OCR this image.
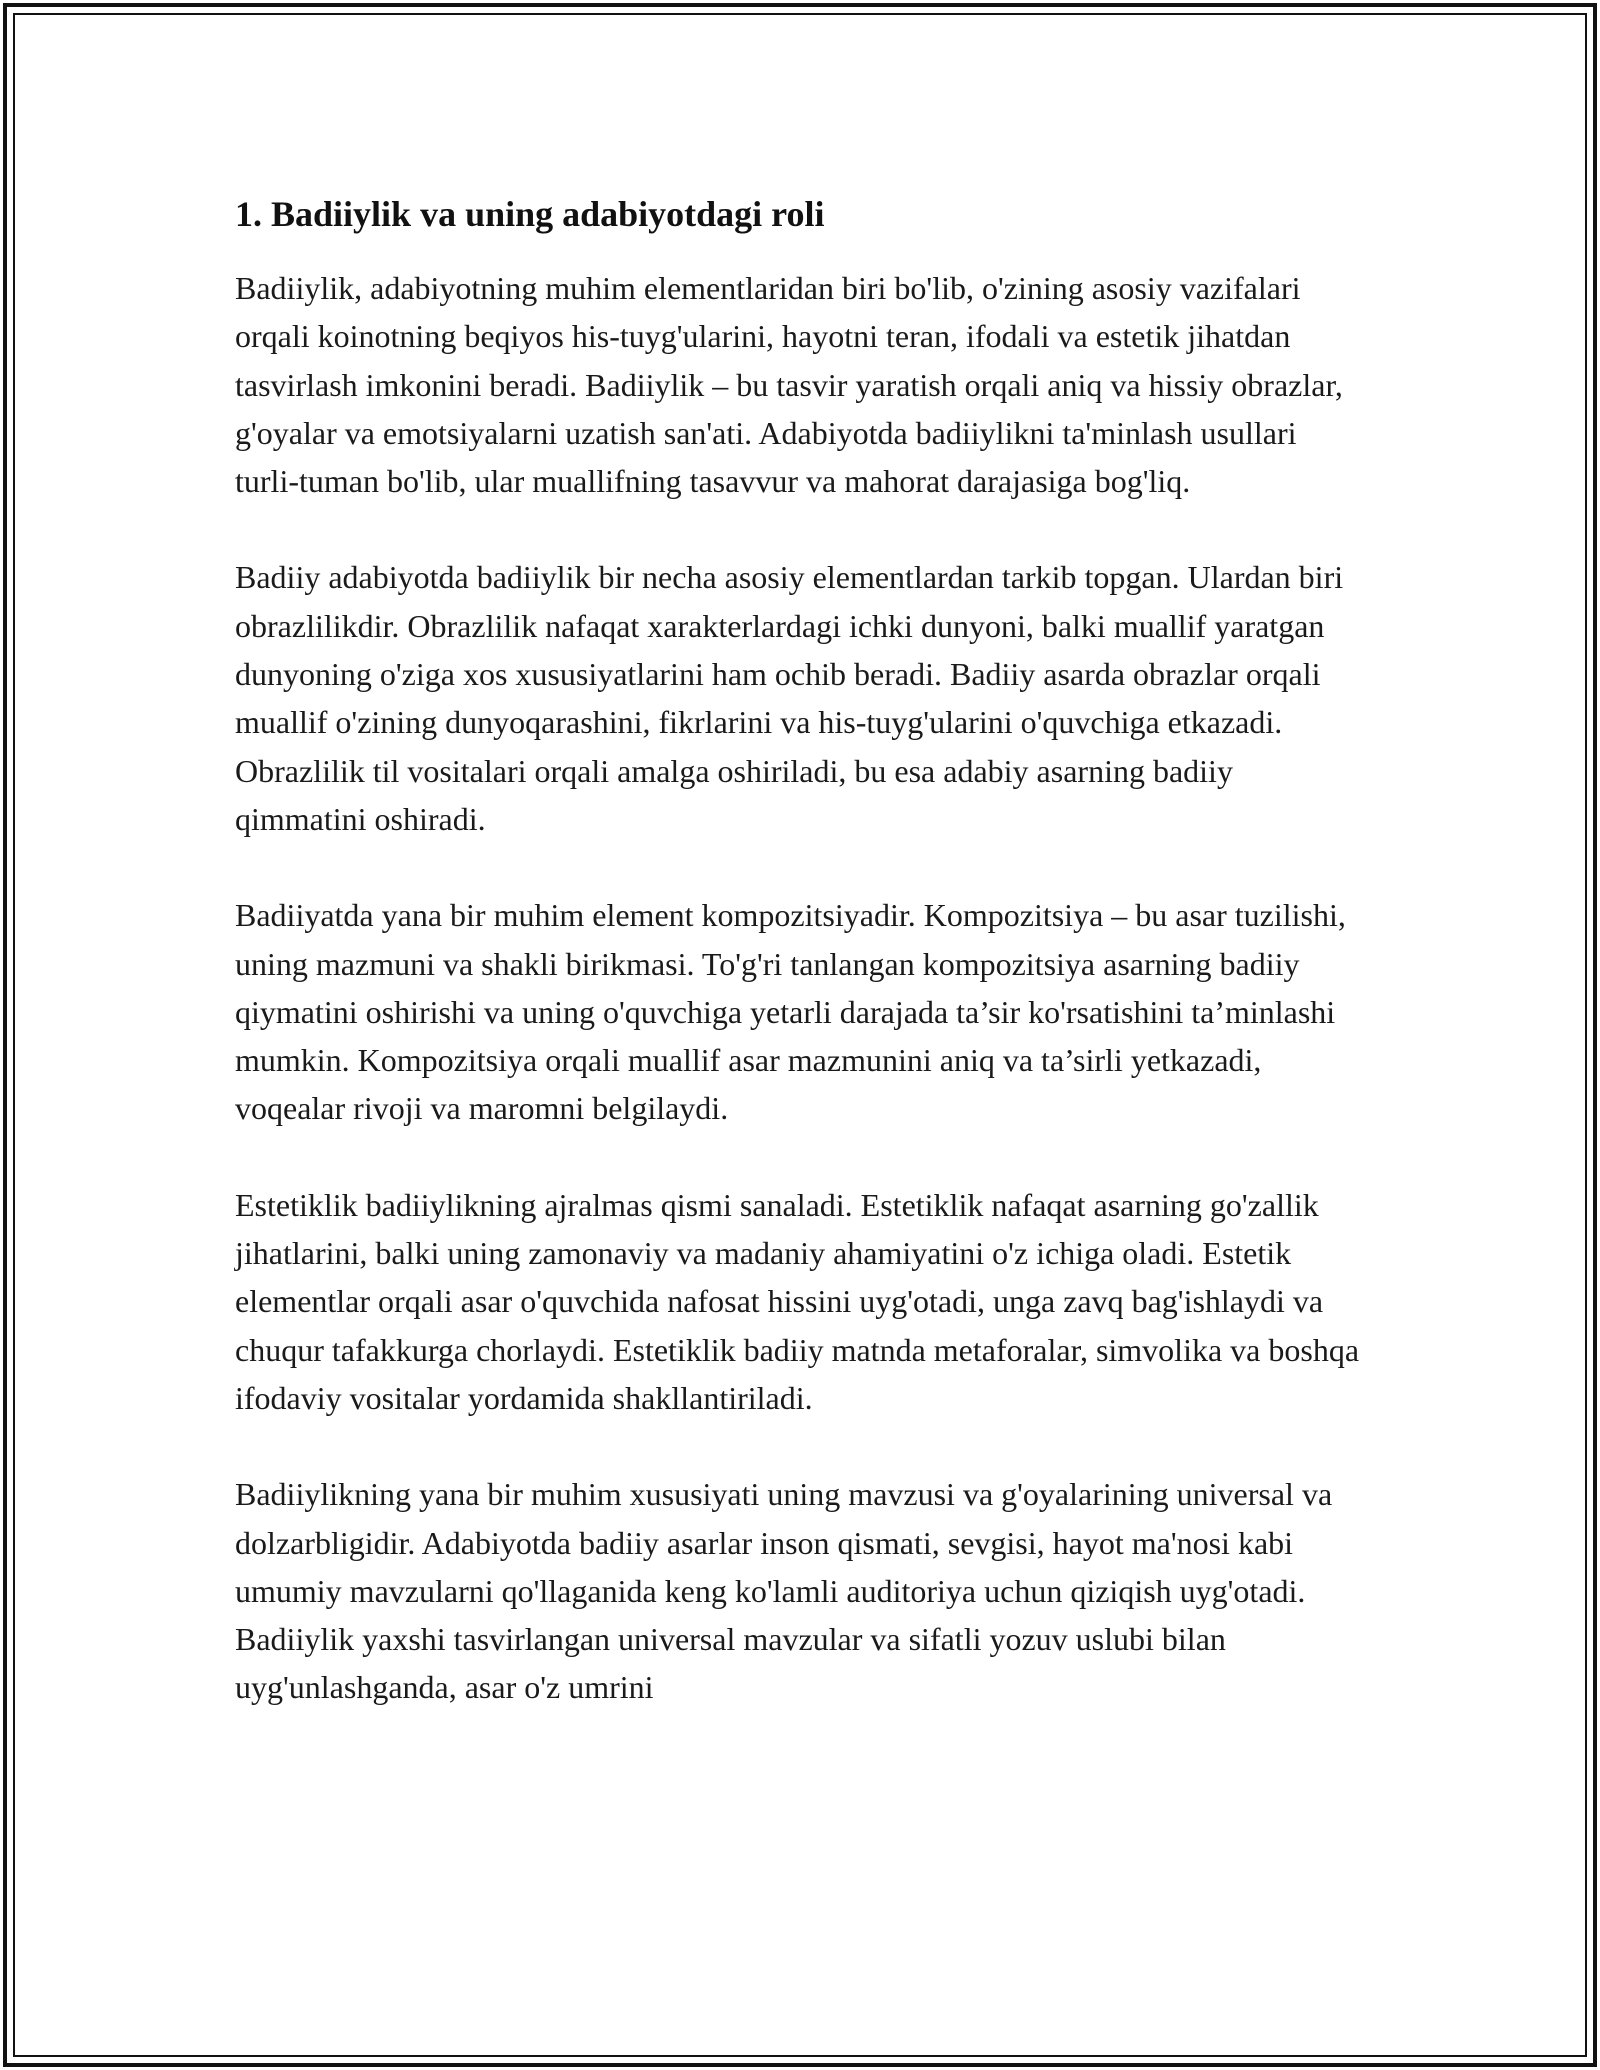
1. Badiiylik va uning adabiyotdagi roli

Badiiylik, adabiyotning muhim elementlaridan biri bo'lib, o'zining asosiy vazifalari orqali koinotning beqiyos his-tuyg'ularini, hayotni teran, ifodali va estetik jihatdan tasvirlash imkonini beradi. Badiiylik – bu tasvir yaratish orqali aniq va hissiy obrazlar, g'oyalar va emotsiyalarni uzatish san'ati. Adabiyotda badiiylikni ta'minlash usullari turli-tuman bo'lib, ular muallifning tasavvur va mahorat darajasiga bog'liq.

Badiiy adabiyotda badiiylik bir necha asosiy elementlardan tarkib topgan. Ulardan biri obrazlilikdir. Obrazlilik nafaqat xarakterlardagi ichki dunyoni, balki muallif yaratgan dunyoning o'ziga xos xususiyatlarini ham ochib beradi. Badiiy asarda obrazlar orqali muallif o'zining dunyoqarashini, fikrlarini va his-tuyg'ularini o'quvchiga etkazadi. Obrazlilik til vositalari orqali amalga oshiriladi, bu esa adabiy asarning badiiy qimmatini oshiradi.

Badiiyatda yana bir muhim element kompozitsiyadir. Kompozitsiya – bu asar tuzilishi, uning mazmuni va shakli birikmasi. To'g'ri tanlangan kompozitsiya asarning badiiy qiymatini oshirishi va uning o'quvchiga yetarli darajada ta’sir ko'rsatishini ta’minlashi mumkin. Kompozitsiya orqali muallif asar mazmunini aniq va ta’sirli yetkazadi, voqealar rivoji va maromni belgilaydi.

Estetiklik badiiylikning ajralmas qismi sanaladi. Estetiklik nafaqat asarning go'zallik jihatlarini, balki uning zamonaviy va madaniy ahamiyatini o'z ichiga oladi. Estetik elementlar orqali asar o'quvchida nafosat hissini uyg'otadi, unga zavq bag'ishlaydi va chuqur tafakkurga chorlaydi. Estetiklik badiiy matnda metaforalar, simvolika va boshqa ifodaviy vositalar yordamida shakllantiriladi.

Badiiylikning yana bir muhim xususiyati uning mavzusi va g'oyalarining universal va dolzarbligidir. Adabiyotda badiiy asarlar inson qismati, sevgisi, hayot ma'nosi kabi umumiy mavzularni qo'llaganida keng ko'lamli auditoriya uchun qiziqish uyg'otadi. Badiiylik yaxshi tasvirlangan universal mavzular va sifatli yozuv uslubi bilan uyg'unlashganda, asar o'z umrini
